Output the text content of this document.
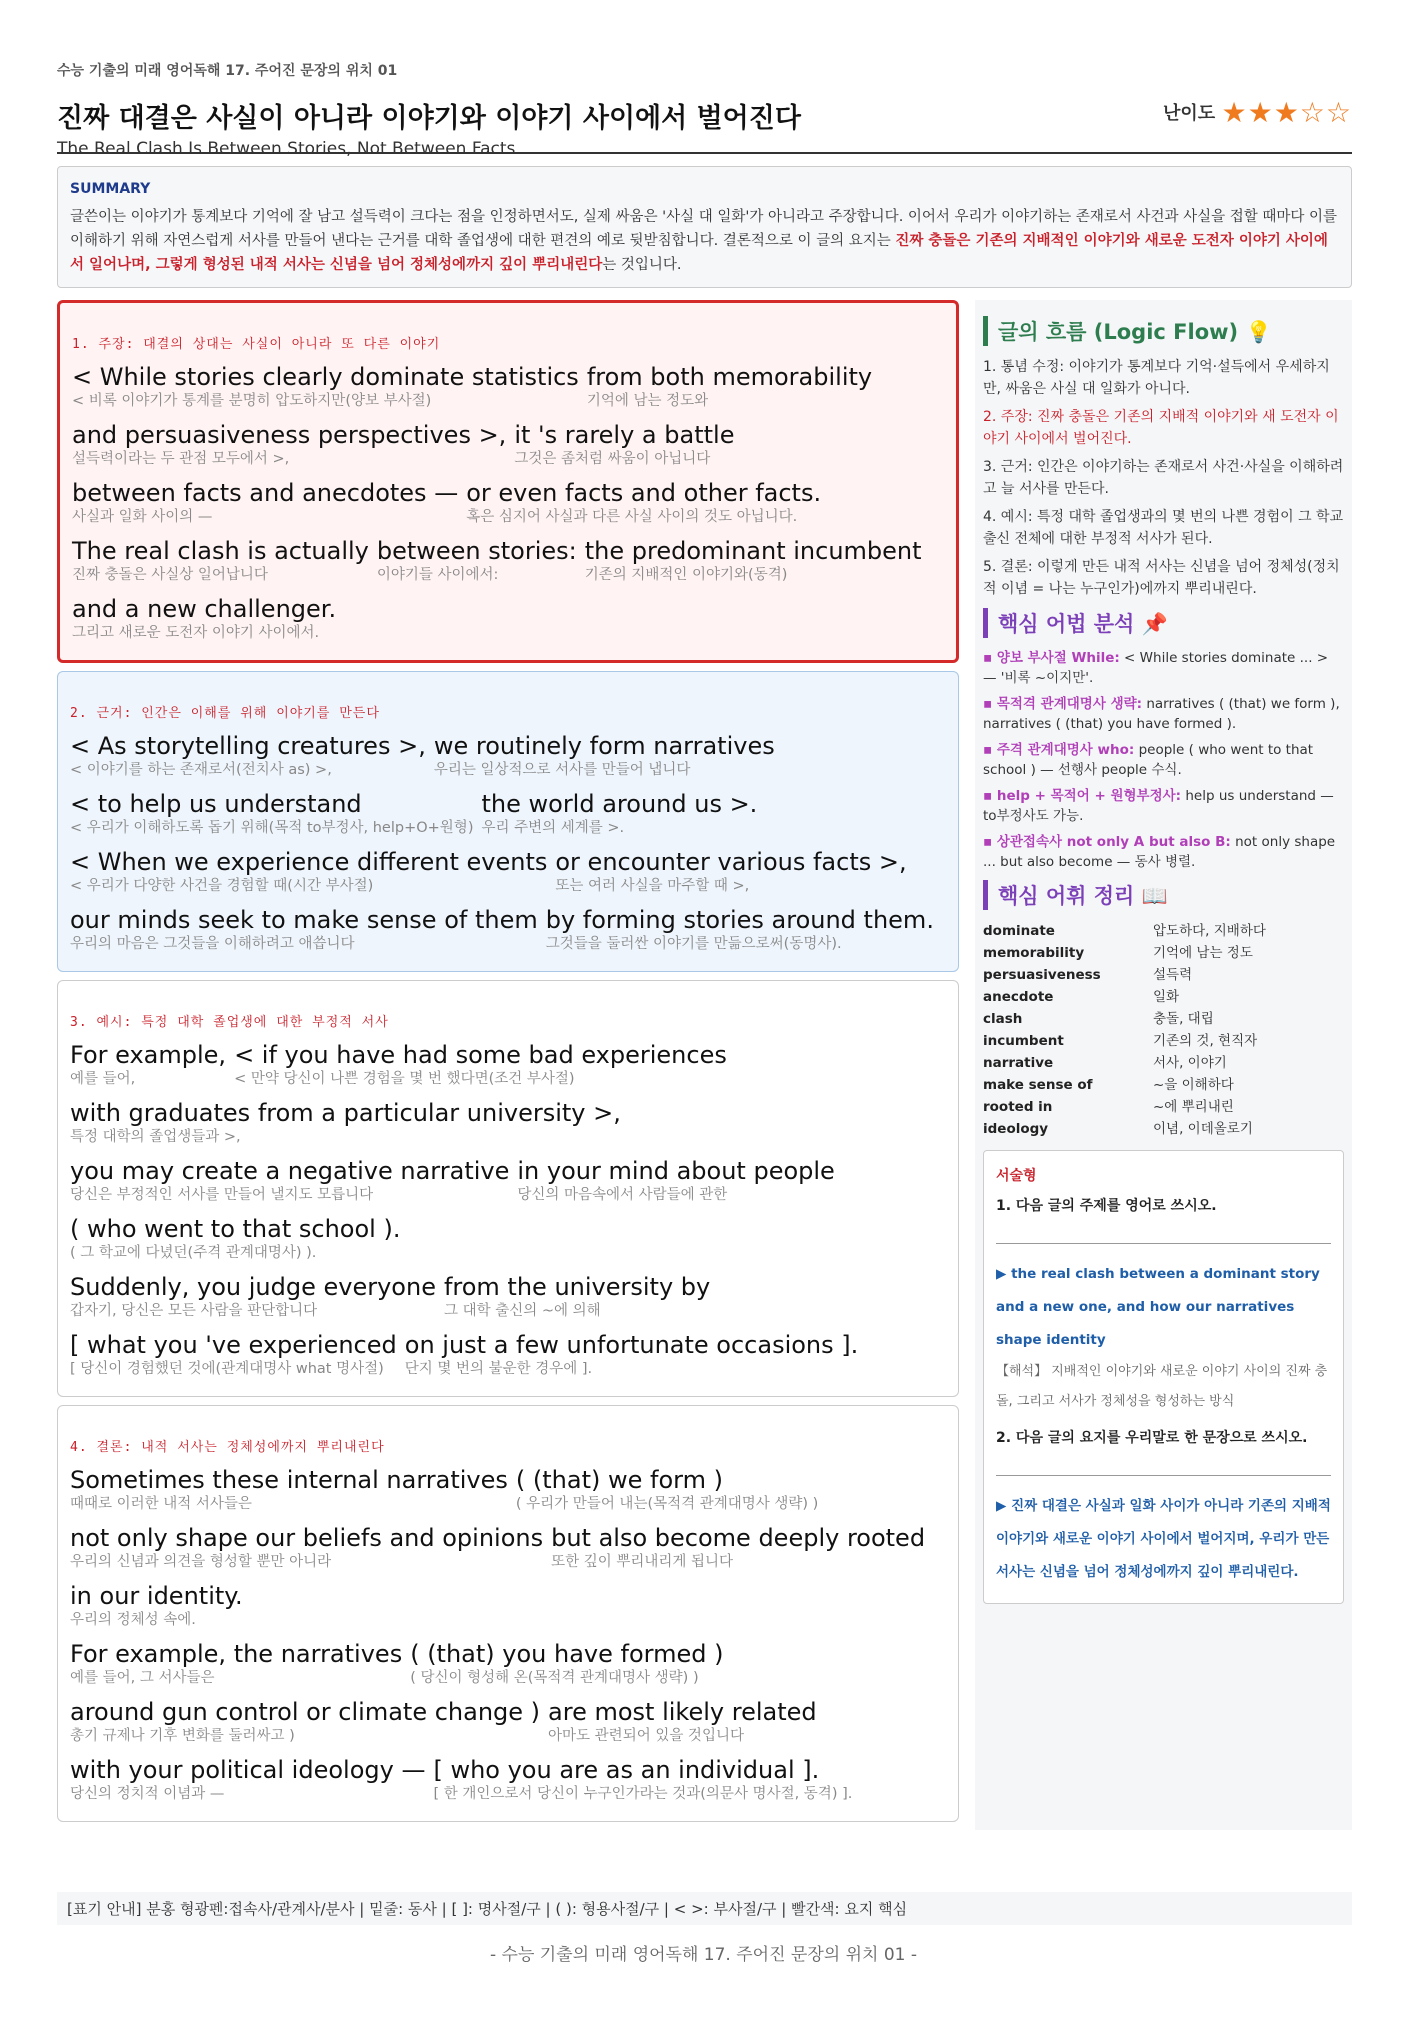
수능 기출의 미래 영어독해 17. 주어진 문장의 위치 01
진짜 대결은 사실이 아니라 이야기와 이야기 사이에서 벌어진다
The Real Clash Is Between Stories, Not Between Facts
난이도 ★★★☆☆
SUMMARY
글쓴이는 이야기가 통계보다 기억에 잘 남고 설득력이 크다는 점을 인정하면서도, 실제 싸움은 '사실 대 일화'가 아니라고 주장합니다. 이어서 우리가 이야기하는 존재로서 사건과 사실을 접할 때마다 이를 이해하기 위해 자연스럽게 서사를 만들어 낸다는 근거를 대학 졸업생에 대한 편견의 예로 뒷받침합니다. 결론적으로 이 글의 요지는 진짜 충돌은 기존의 지배적인 이야기와 새로운 도전자 이야기 사이에서 일어나며, 그렇게 형성된 내적 서사는 신념을 넘어 정체성에까지 깊이 뿌리내린다는 것입니다.
1. 주장: 대결의 상대는 사실이 아니라 또 다른 이야기
< While stories clearly dominate statistics
< 비록 이야기가 통계를 분명히 압도하지만(양보 부사절)
from both memorability
기억에 남는 정도와
and persuasiveness perspectives >,
설득력이라는 두 관점 모두에서 >,
it 's rarely a battle
그것은 좀처럼 싸움이 아닙니다
between facts and anecdotes —
사실과 일화 사이의 —
or even facts and other facts.
혹은 심지어 사실과 다른 사실 사이의 것도 아닙니다.
The real clash is actually
진짜 충돌은 사실상 일어납니다
between stories:
이야기들 사이에서:
the predominant incumbent
기존의 지배적인 이야기와(동격)
and a new challenger.
그리고 새로운 도전자 이야기 사이에서.
2. 근거: 인간은 이해를 위해 이야기를 만든다
< As storytelling creatures >,
< 이야기를 하는 존재로서(전치사 as) >,
we routinely form narratives
우리는 일상적으로 서사를 만들어 냅니다
< to help us understand
< 우리가 이해하도록 돕기 위해(목적 to부정사, help+O+원형)
the world around us >.
우리 주변의 세계를 >.
< When we experience different events
< 우리가 다양한 사건을 경험할 때(시간 부사절)
or encounter various facts >,
또는 여러 사실을 마주할 때 >,
our minds seek to make sense of them
우리의 마음은 그것들을 이해하려고 애씁니다
by forming stories around them.
그것들을 둘러싼 이야기를 만듦으로써(동명사).
3. 예시: 특정 대학 졸업생에 대한 부정적 서사
For example,
예를 들어,
< if you have had some bad experiences
< 만약 당신이 나쁜 경험을 몇 번 했다면(조건 부사절)
with graduates from a particular university >,
특정 대학의 졸업생들과 >,
you may create a negative narrative
당신은 부정적인 서사를 만들어 낼지도 모릅니다
in your mind about people
당신의 마음속에서 사람들에 관한
( who went to that school ).
( 그 학교에 다녔던(주격 관계대명사) ).
Suddenly, you judge everyone
갑자기, 당신은 모든 사람을 판단합니다
from the university by
그 대학 출신의 ~에 의해
[ what you 've experienced
[ 당신이 경험했던 것에(관계대명사 what 명사절)
on just a few unfortunate occasions ].
단지 몇 번의 불운한 경우에 ].
4. 결론: 내적 서사는 정체성에까지 뿌리내린다
Sometimes these internal narratives
때때로 이러한 내적 서사들은
( (that) we form )
( 우리가 만들어 내는(목적격 관계대명사 생략) )
not only shape our beliefs and opinions
우리의 신념과 의견을 형성할 뿐만 아니라
but also become deeply rooted
또한 깊이 뿌리내리게 됩니다
in our identity.
우리의 정체성 속에.
For example, the narratives
예를 들어, 그 서사들은
( (that) you have formed )
( 당신이 형성해 온(목적격 관계대명사 생략) )
around gun control or climate change )
총기 규제나 기후 변화를 둘러싸고 )
are most likely related
아마도 관련되어 있을 것입니다
with your political ideology —
당신의 정치적 이념과 —
[ who you are as an individual ].
[ 한 개인으로서 당신이 누구인가라는 것과(의문사 명사절, 동격) ].
글의 흐름 (Logic Flow) 💡
1. 통념 수정: 이야기가 통계보다 기억·설득에서 우세하지만, 싸움은 사실 대 일화가 아니다.
2. 주장: 진짜 충돌은 기존의 지배적 이야기와 새 도전자 이야기 사이에서 벌어진다.
3. 근거: 인간은 이야기하는 존재로서 사건·사실을 이해하려고 늘 서사를 만든다.
4. 예시: 특정 대학 졸업생과의 몇 번의 나쁜 경험이 그 학교 출신 전체에 대한 부정적 서사가 된다.
5. 결론: 이렇게 만든 내적 서사는 신념을 넘어 정체성(정치적 이념 = 나는 누구인가)에까지 뿌리내린다.
핵심 어법 분석 📌
▪ 양보 부사절 While: < While stories dominate ... > — '비록 ~이지만'.
▪ 목적격 관계대명사 생략: narratives ( (that) we form ), narratives ( (that) you have formed ).
▪ 주격 관계대명사 who: people ( who went to that school ) — 선행사 people 수식.
▪ help + 목적어 + 원형부정사: help us understand — to부정사도 가능.
▪ 상관접속사 not only A but also B: not only shape ... but also become — 동사 병렬.
핵심 어휘 정리 📖
dominate	압도하다, 지배하다
memorability	기억에 남는 정도
persuasiveness	설득력
anecdote	일화
clash	충돌, 대립
incumbent	기존의 것, 현직자
narrative	서사, 이야기
make sense of	~을 이해하다
rooted in	~에 뿌리내린
ideology	이념, 이데올로기
서술형
1. 다음 글의 주제를 영어로 쓰시오.
▶ the real clash between a dominant story and a new one, and how our narratives shape identity
【해석】 지배적인 이야기와 새로운 이야기 사이의 진짜 충돌, 그리고 서사가 정체성을 형성하는 방식
2. 다음 글의 요지를 우리말로 한 문장으로 쓰시오.
▶ 진짜 대결은 사실과 일화 사이가 아니라 기존의 지배적 이야기와 새로운 이야기 사이에서 벌어지며, 우리가 만든 서사는 신념을 넘어 정체성에까지 깊이 뿌리내린다.
[표기 안내] 분홍 형광펜:접속사/관계사/분사 | 밑줄: 동사 | [ ]: 명사절/구 | ( ): 형용사절/구 | < >: 부사절/구 | 빨간색: 요지 핵심
- 수능 기출의 미래 영어독해 17. 주어진 문장의 위치 01 -
